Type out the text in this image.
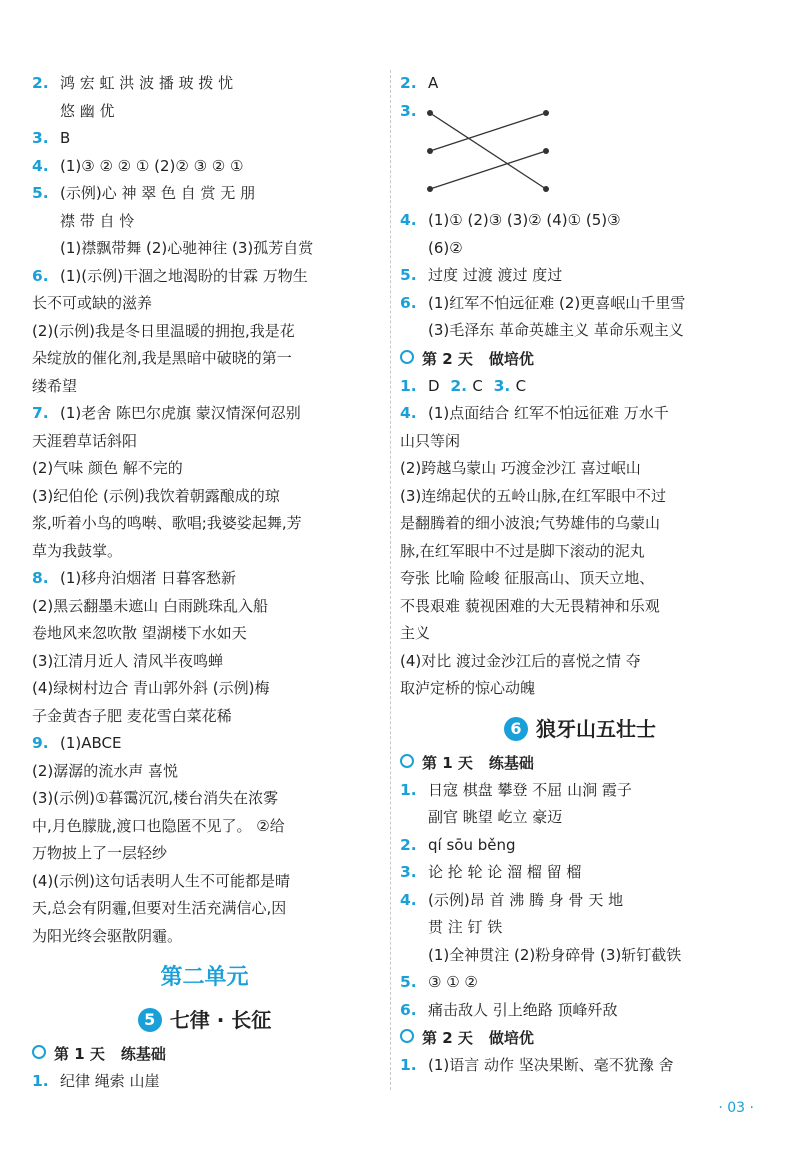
2. 鸿 宏 虹 洪 波 播 玻 拨 忧
悠 幽 优
3. B
4. (1)③ ② ② ① (2)② ③ ② ①
5. (示例)心 神 翠 色 自 赏 无 朋
襟 带 自 怜
(1)襟飘带舞 (2)心驰神往 (3)孤芳自赏
6. (1)(示例)干涸之地渴盼的甘霖 万物生
长不可或缺的滋养
(2)(示例)我是冬日里温暖的拥抱,我是花
朵绽放的催化剂,我是黑暗中破晓的第一
缕希望
7. (1)老舍 陈巴尔虎旗 蒙汉情深何忍别
天涯碧草话斜阳
(2)气味 颜色 解不完的
(3)纪伯伦 (示例)我饮着朝露酿成的琼
浆,听着小鸟的鸣啭、歌唱;我婆娑起舞,芳
草为我鼓掌。
8. (1)移舟泊烟渚 日暮客愁新
(2)黑云翻墨未遮山 白雨跳珠乱入船
卷地风来忽吹散 望湖楼下水如天
(3)江清月近人 清风半夜鸣蝉
(4)绿树村边合 青山郭外斜 (示例)梅
子金黄杏子肥 麦花雪白菜花稀
9. (1)ABCE
(2)潺潺的流水声 喜悦
(3)(示例)①暮霭沉沉,楼台消失在浓雾
中,月色朦胧,渡口也隐匿不见了。 ②给
万物披上了一层轻纱
(4)(示例)这句话表明人生不可能都是晴
天,总会有阴霾,但要对生活充满信心,因
为阳光终会驱散阴霾。
第二单元
5 七律 · 长征
第 1 天 练基础
1. 纪律 绳索 山崖
2. A
3.
4. (1)① (2)③ (3)② (4)① (5)③
(6)②
5. 过度 过渡 渡过 度过
6. (1)红军不怕远征难 (2)更喜岷山千里雪
(3)毛泽东 革命英雄主义 革命乐观主义
第 2 天 做培优
1. D 2. C 3. C
4. (1)点面结合 红军不怕远征难 万水千
山只等闲
(2)跨越乌蒙山 巧渡金沙江 喜过岷山
(3)连绵起伏的五岭山脉,在红军眼中不过
是翻腾着的细小波浪;气势雄伟的乌蒙山
脉,在红军眼中不过是脚下滚动的泥丸
夸张 比喻 险峻 征服高山、顶天立地、
不畏艰难 藐视困难的大无畏精神和乐观
主义
(4)对比 渡过金沙江后的喜悦之情 夺
取泸定桥的惊心动魄
6 狼牙山五壮士
第 1 天 练基础
1. 日寇 棋盘 攀登 不屈 山涧 霞子
副官 眺望 屹立 豪迈
2. qí sōu běng
3. 论 抡 轮 论 溜 榴 留 榴
4. (示例)昂 首 沸 腾 身 骨 天 地
贯 注 钉 铁
(1)全神贯注 (2)粉身碎骨 (3)斩钉截铁
5. ③ ① ②
6. 痛击敌人 引上绝路 顶峰歼敌
第 2 天 做培优
1. (1)语言 动作 坚决果断、毫不犹豫 舍
· 03 ·
